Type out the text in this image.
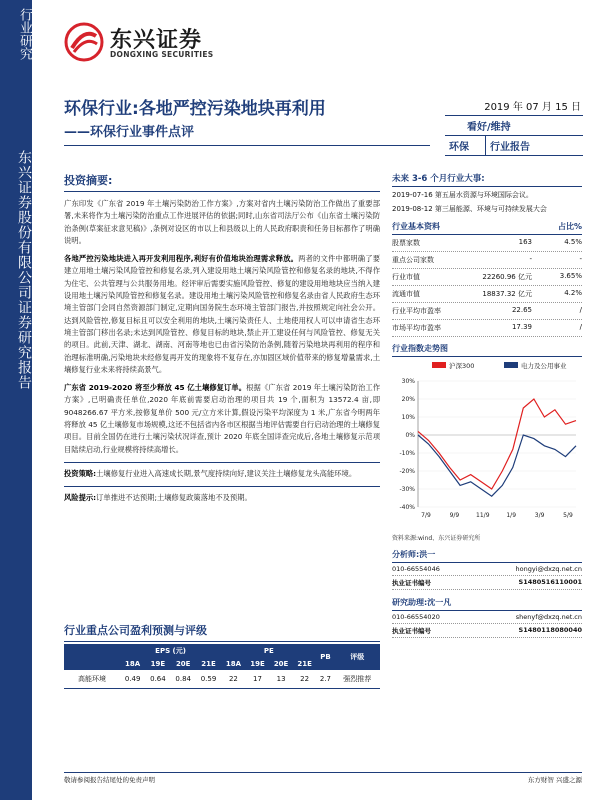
行业研究
东兴证券股份有限公司证券研究报告
东兴证券
DONGXING SECURITIES
环保行业:各地严控污染地块再利用
——环保行业事件点评
2019 年 07 月 15 日
看好/维持
环保	行业报告
投资摘要:

广东印发《广东省 2019 年土壤污染防治工作方案》,方案对省内土壤污染防治工作做出了重要部署,未来将作为土壤污染防治重点工作进展评估的依据;同时,山东省司法厅公布《山东省土壤污染防治条例(草案征求意见稿)》,条例对设区的市以上和县级以上的人民政府职责和任务目标都作了明确说明。

各地严控污染地块进入再开发利用程序,利好有价值地块治理需求释放。两者的文件中都明确了要建立用地土壤污染风险管控和修复名录,列入建设用地土壤污染风险管控和修复名录的地块,不得作为住宅、公共管理与公共服务用地。经评审后需要实施风险管控、修复的建设用地地块应当纳入建设用地土壤污染风险管控和修复名录。建设用地土壤污染风险管控和修复名录由省人民政府生态环境主管部门会同自然资源部门制定,定期向国务院生态环境主管部门报告,并按照规定向社会公开。达到风险管控,修复目标且可以安全利用的地块,土壤污染责任人、土地使用权人可以申请省生态环境主管部门移出名录;未达到风险管控、修复目标的地块,禁止开工建设任何与风险管控、修复无关的项目。此前,天津、湖北、湖南、河南等地也已由省污染防治条例,随着污染地块再利用的程序和治理标准明确,污染地块未经修复再开发的现象将不复存在,亦加固区域价值带来的修复增量需求,土壤修复行业未来将持续高景气。

广东省 2019-2020 将至少释放 45 亿土壤修复订单。根据《广东省 2019 年土壤污染防治工作方案》,已明确责任单位,2020 年底前需要启动治理的项目共 19 个,面积为 13572.4 亩,即 9048266.67 平方米,按修复单价 500 元/立方米计算,假设污染平均深度为 1 米,广东省今明两年将释放 45 亿土壤修复市场规模,这还不包括省内各市区根据当地评估需要自行启动治理的土壤修复项目。目前全国仍在进行土壤污染状况详查,预计 2020 年底全国详查完成后,各地土壤修复示范项目陆续启动,行业规模将持续高增长。

投资策略:土壤修复行业进入高速成长期,景气度持续向好,建议关注土壤修复龙头高能环境。

风险提示:订单推进不达预期;土壤修复政策落地不及预期。

行业重点公司盈利预测与评级
	EPS (元)				PE				PB	评级
	18A	19E	20E	21E	18A	19E	20E	21E		
高能环境	0.49	0.64	0.84	0.59	22	17	13	22	2.7	强烈推荐
未来 3-6 个月行业大事:
2019-07-16 第五届水资源与环境国际会议。
2019-08-12 第三届能源、环境与可持续发展大会
行业基本资料	占比%
股票家数	163	4.5%
重点公司家数	-	-
行业市值	22260.96 亿元	3.65%
流通市值	18837.32 亿元	4.2%
行业平均市盈率	22.65	/
市场平均市盈率	17.39	/
行业指数走势图
沪深300	电力及公用事业
30%
20%
10%
0%
-10%
-20%
-30%
-40%
7/9	9/9	11/9	1/9	3/9	5/9
资料来源:wind、东兴证券研究所
分析师:洪一
010-66554046	hongyi@dxzq.net.cn
执业证书编号	S1480516110001
研究助理:沈一凡
010-66554020	shenyf@dxzq.net.cn
执业证书编号	S1480118080040
敬请参阅报告结尾处的免责声明	东方财智 兴盛之源
